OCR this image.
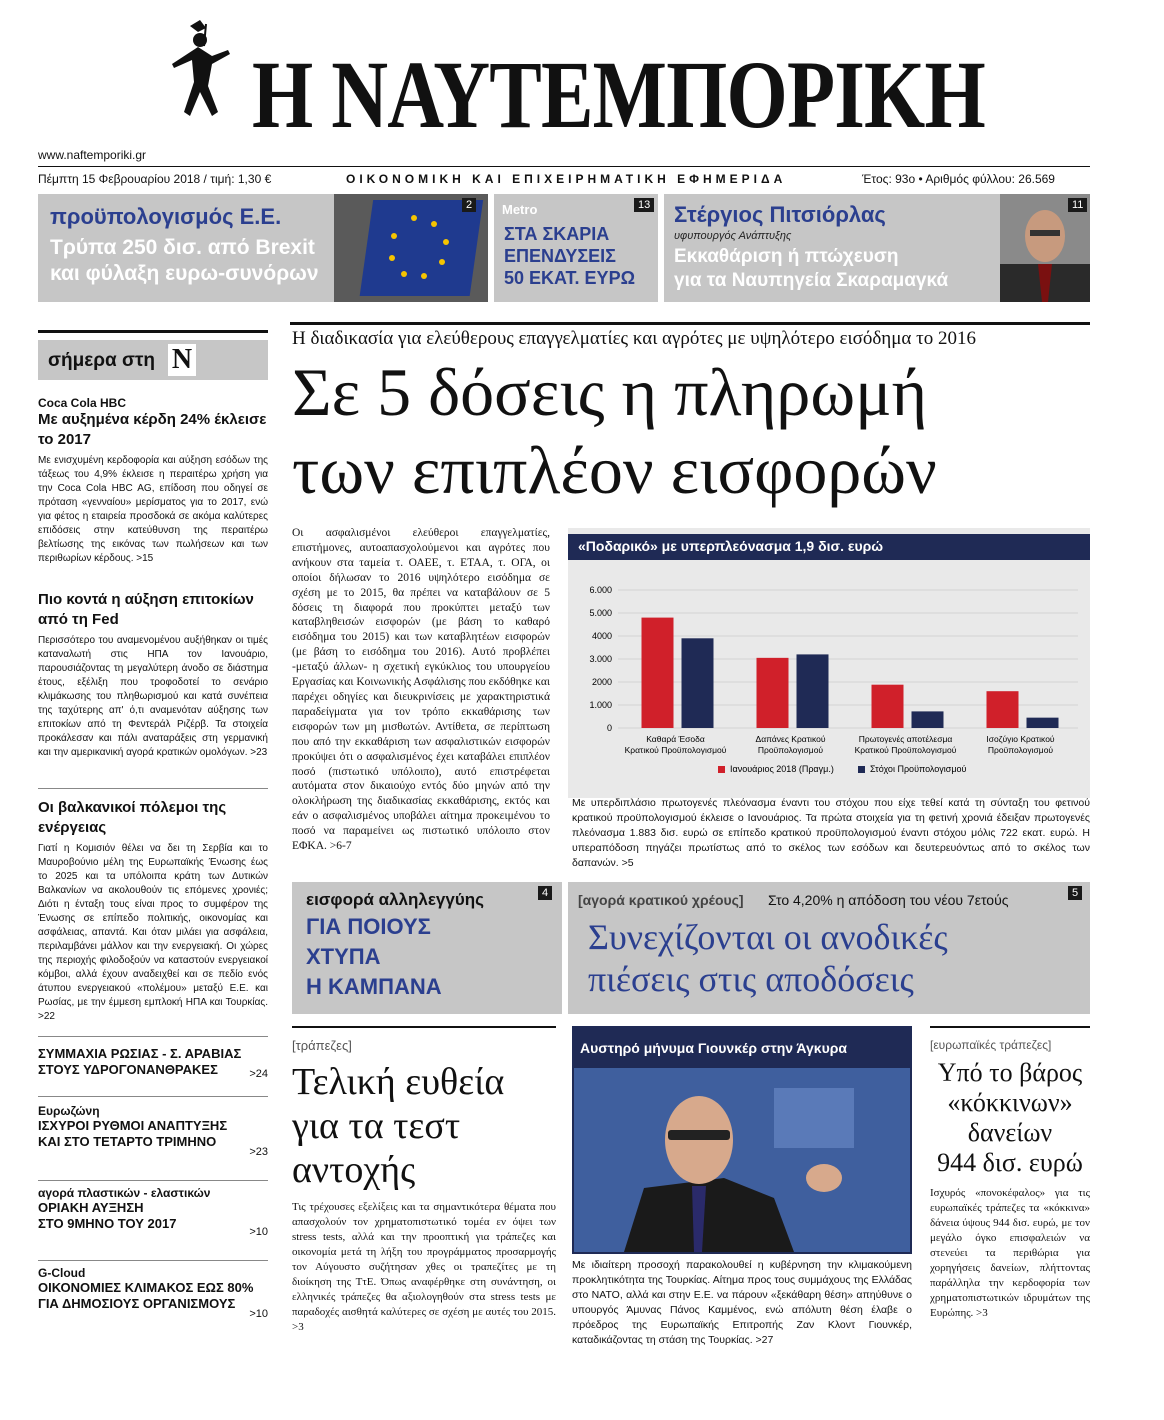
Η ΝΑΥΤΕΜΠΟΡΙΚΗ
www.naftemporiki.gr
Πέμπτη 15 Φεβρουαρίου 2018 / τιμή: 1,30 €	ΟΙΚΟΝΟΜΙΚΗ ΚΑΙ ΕΠΙΧΕΙΡΗΜΑΤΙΚΗ ΕΦΗΜΕΡΙΔΑ	Έτος: 93ο • Αριθμός φύλλου: 26.569
προϋπολογισμός Ε.Ε.
Τρύπα 250 δισ. από Brexit
και φύλαξη ευρω-συνόρων
2	Metro
ΣΤΑ ΣΚΑΡΙΑ
ΕΠΕΝΔΥΣΕΙΣ
50 ΕΚΑΤ. ΕΥΡΩ
13 Στέργιος Πιτσιόρλας
υφυπουργός Ανάπτυξης
Εκκαθάριση ή πτώχευση
για τα Ναυπηγεία Σκαραμαγκά
11
σήμερα στη N
Coca Cola HBC
Με αυξημένα κέρδη 24% έκλεισε το 2017
Με ενισχυμένη κερδοφορία και αύξηση εσόδων της τάξεως του 4,9% έκλεισε η περαιτέρω χρήση για την Coca Cola HBC AG, επίδοση που οδηγεί σε πρόταση «γενναίου» μερίσματος για το 2017, ενώ για φέτος η εταιρεία προσδοκά σε ακόμα καλύτερες επιδόσεις στην κατεύθυνση της περαιτέρω βελτίωσης της εικόνας των πωλήσεων και των περιθωρίων κέρδους. >15
Πιο κοντά η αύξηση επιτοκίων από τη Fed
Περισσότερο του αναμενομένου αυξήθηκαν οι τιμές καταναλωτή στις ΗΠΑ τον Ιανουάριο, παρουσιάζοντας τη μεγαλύτερη άνοδο σε διάστημα έτους, εξέλιξη που τροφοδοτεί το σενάριο κλιμάκωσης του πληθωρισμού και κατά συνέπεια της ταχύτερης απ' ό,τι αναμενόταν αύξησης των επιτοκίων από τη Φεντεράλ Ριζέρβ. Τα στοιχεία προκάλεσαν και πάλι αναταράξεις στη γερμανική και την αμερικανική αγορά κρατικών ομολόγων. >23
Οι βαλκανικοί πόλεμοι της ενέργειας
Γιατί η Κομισιόν θέλει να δει τη Σερβία και το Μαυροβούνιο μέλη της Ευρωπαϊκής Ένωσης έως το 2025 και τα υπόλοιπα κράτη των Δυτικών Βαλκανίων να ακολουθούν τις επόμενες χρονιές; Διότι η ένταξη τους είναι προς το συμφέρον της Ένωσης σε επίπεδο πολιτικής, οικονομίας και ασφάλειας, απαντά. Και όταν μιλάει για ασφάλεια, περιλαμβάνει μάλλον και την ενεργειακή. Οι χώρες της περιοχής φιλοδοξούν να καταστούν ενεργειακοί κόμβοι, αλλά έχουν αναδειχθεί και σε πεδίο ενός άτυπου ενεργειακού «πολέμου» μεταξύ Ε.Ε. και Ρωσίας, με την έμμεση εμπλοκή ΗΠΑ και Τουρκίας. >22
ΣΥΜΜΑΧΙΑ ΡΩΣΙΑΣ - Σ. ΑΡΑΒΙΑΣ
ΣΤΟΥΣ ΥΔΡΟΓΟΝΑΝΘΡΑΚΕΣ	>24
Ευρωζώνη
ΙΣΧΥΡΟΙ ΡΥΘΜΟΙ ΑΝΑΠΤΥΞΗΣ
ΚΑΙ ΣΤΟ ΤΕΤΑΡΤΟ ΤΡΙΜΗΝΟ
>23
αγορά πλαστικών - ελαστικών
ΟΡΙΑΚΗ ΑΥΞΗΣΗ
ΣΤΟ 9ΜΗΝΟ ΤΟΥ 2017
>10
G-Cloud
ΟΙΚΟΝΟΜΙΕΣ ΚΛΙΜΑΚΟΣ ΕΩΣ 80%
ΓΙΑ ΔΗΜΟΣΙΟΥΣ ΟΡΓΑΝΙΣΜΟΥΣ
>10
Η διαδικασία για ελεύθερους επαγγελματίες και αγρότες με υψηλότερο εισόδημα το 2016
Σε 5 δόσεις η πληρωμή
των επιπλέον εισφορών
Οι ασφαλισμένοι ελεύθεροι επαγγελματίες, επιστήμονες, αυτοαπασχολούμενοι και αγρότες που ανήκουν στα ταμεία τ. ΟΑΕΕ, τ. ΕΤΑΑ, τ. ΟΓΑ, οι οποίοι δήλωσαν το 2016 υψηλότερο εισόδημα σε σχέση με το 2015, θα πρέπει να καταβάλουν σε 5 δόσεις τη διαφορά που προκύπτει μεταξύ των καταβληθεισών εισφορών (με βάση το καθαρό εισόδημα του 2015) και των καταβλητέων εισφορών (με βάση το εισόδημα του 2016). Αυτό προβλέπει -μεταξύ άλλων- η σχετική εγκύκλιος του υπουργείου Εργασίας και Κοινωνικής Ασφάλισης που εκδόθηκε και παρέχει οδηγίες και διευκρινίσεις με χαρακτηριστικά παραδείγματα για τον τρόπο εκκαθάρισης των εισφορών των μη μισθωτών. Αντίθετα, σε περίπτωση που από την εκκαθάριση των ασφαλιστικών εισφορών προκύψει ότι ο ασφαλισμένος έχει καταβάλει επιπλέον ποσό (πιστωτικό υπόλοιπο), αυτό επιστρέφεται αυτόματα στον δικαιούχο εντός δύο μηνών από την ολοκλήρωση της διαδικασίας εκκαθάρισης, εκτός και εάν ο ασφαλισμένος υποβάλει αίτημα προκειμένου το ποσό να παραμείνει ως πιστωτικό υπόλοιπο στον ΕΦΚΑ. >6-7
«Ποδαρικό» με υπερπλεόνασμα 1,9 δισ. ευρώ
0
1.000
2000
3.000
4000
5.000
6.000
Καθαρά Έσοδα
Κρατικού Προϋπολογισμού
Δαπάνες Κρατικού
Προϋπολογισμού
Πρωτογενές αποτέλεσμα
Κρατικού Προϋπολογισμού
Ισοζύγιο Κρατικού
Προϋπολογισμού
Ιανουάριος 2018 (Πραγμ.)	Στόχοι Προϋπολογισμού
Με υπερδιπλάσιο πρωτογενές πλεόνασμα έναντι του στόχου που είχε τεθεί κατά τη σύνταξη του φετινού κρατικού προϋπολογισμού έκλεισε ο Ιανουάριος. Τα πρώτα στοιχεία για τη φετινή χρονιά έδειξαν πρωτογενές πλεόνασμα 1.883 δισ. ευρώ σε επίπεδο κρατικού προϋπολογισμού έναντι στόχου μόλις 722 εκατ. ευρώ. Η υπεραπόδοση πηγάζει πρωτίστως από το σκέλος των εσόδων και δευτερευόντως από το σκέλος των δαπανών. >5
εισφορά αλληλεγγύης
ΓΙΑ ΠΟΙΟΥΣ
ΧΤΥΠΑ
Η ΚΑΜΠΑΝΑ
4 [αγορά κρατικού χρέους] Στο 4,20% η απόδοση του νέου 7ετούς
Συνεχίζονται οι ανοδικές
πιέσεις στις αποδόσεις
5
[τράπεζες]
Τελική ευθεία
για τα τεστ
αντοχής
Τις τρέχουσες εξελίξεις και τα σημαντικότερα θέματα που απασχολούν τον χρηματοπιστωτικό τομέα εν όψει των stress tests, αλλά και την προοπτική για τράπεζες και οικονομία μετά τη λήξη του προγράμματος προσαρμογής τον Αύγουστο συζήτησαν χθες οι τραπεζίτες με τη διοίκηση της ΤτΕ. Όπως αναφέρθηκε στη συνάντηση, οι ελληνικές τράπεζες θα αξιολογηθούν στα stress tests με παραδοχές αισθητά καλύτερες σε σχέση με αυτές του 2015. >3
Αυστηρό μήνυμα Γιουνκέρ στην Άγκυρα
Με ιδιαίτερη προσοχή παρακολουθεί η κυβέρνηση την κλιμακούμενη προκλητικότητα της Τουρκίας. Αίτημα προς τους συμμάχους της Ελλάδας στο ΝΑΤΟ, αλλά και στην Ε.Ε. να πάρουν «ξεκάθαρη θέση» απηύθυνε ο υπουργός Άμυνας Πάνος Καμμένος, ενώ απόλυτη θέση έλαβε ο πρόεδρος της Ευρωπαϊκής Επιτροπής Ζαν Κλοντ Γιουνκέρ, καταδικάζοντας τη στάση της Τουρκίας. >27
[ευρωπαϊκές τράπεζες]
Υπό το βάρος
«κόκκινων»
δανείων
944 δισ. ευρώ
Ισχυρός «πονοκέφαλος» για τις ευρωπαϊκές τράπεζες τα «κόκκινα» δάνεια ύψους 944 δισ. ευρώ, με τον μεγάλο όγκο επισφαλειών να στενεύει τα περιθώρια για χορηγήσεις δανείων, πλήττοντας παράλληλα την κερδοφορία των χρηματοπιστωτικών ιδρυμάτων της Ευρώπης. >3
